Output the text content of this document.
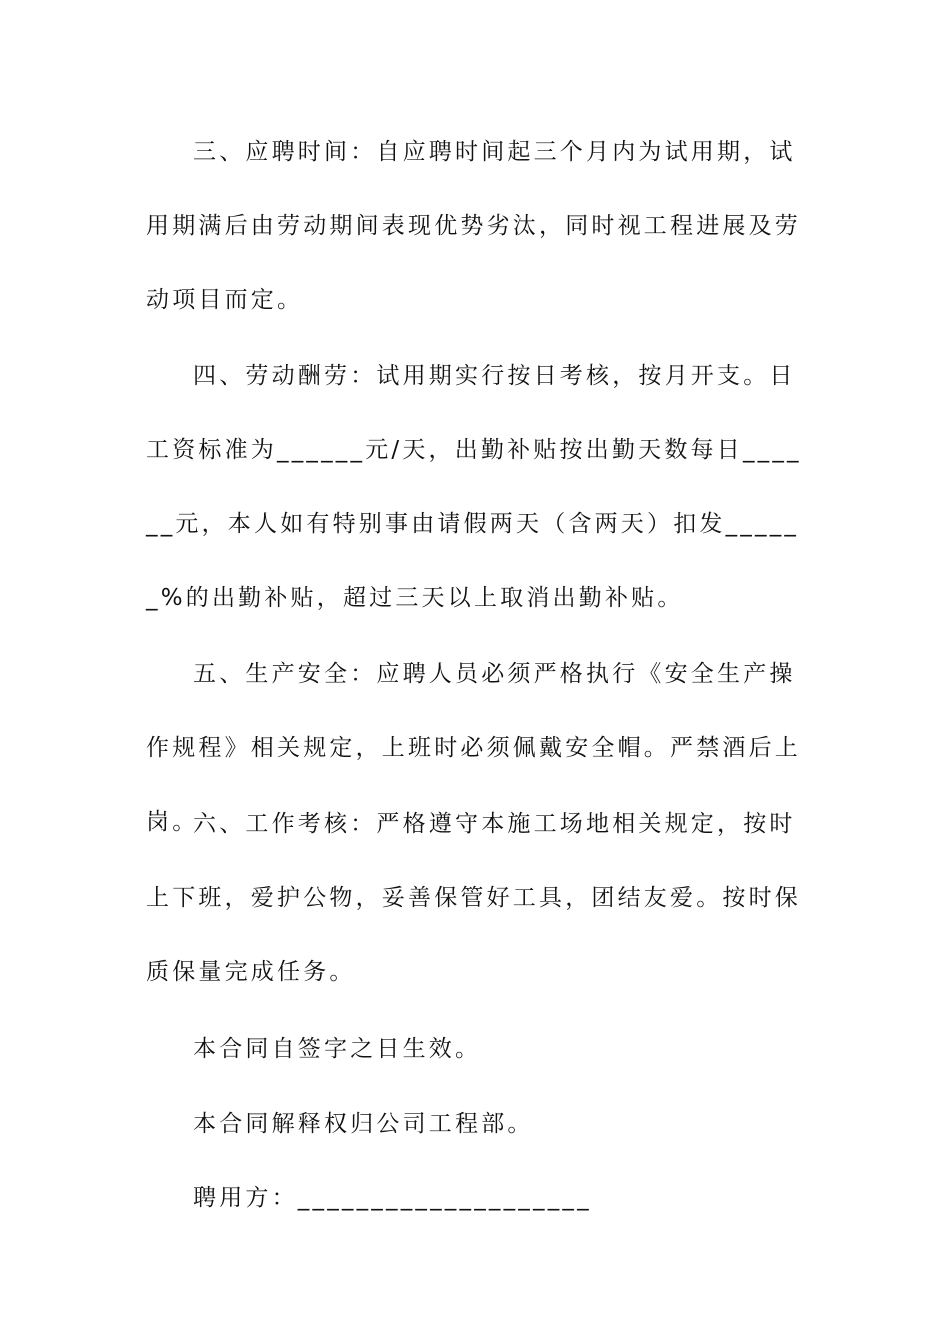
三、应聘时间：自应聘时间起三个月内为试用期，试用期满后由劳动期间表现优势劣汰，同时视工程进展及劳动项目而定。

四、劳动酬劳：试用期实行按日考核，按月开支。日工资标准为______元/天，出勤补贴按出勤天数每日______元，本人如有特别事由请假两天（含两天）扣发______%的出勤补贴，超过三天以上取消出勤补贴。

五、生产安全：应聘人员必须严格执行《安全生产操作规程》相关规定，上班时必须佩戴安全帽。严禁酒后上岗。

六、工作考核：严格遵守本施工场地相关规定，按时上下班，爱护公物，妥善保管好工具，团结友爱。按时保质保量完成任务。

本合同自签字之日生效。

本合同解释权归公司工程部。

聘用方：____________________
